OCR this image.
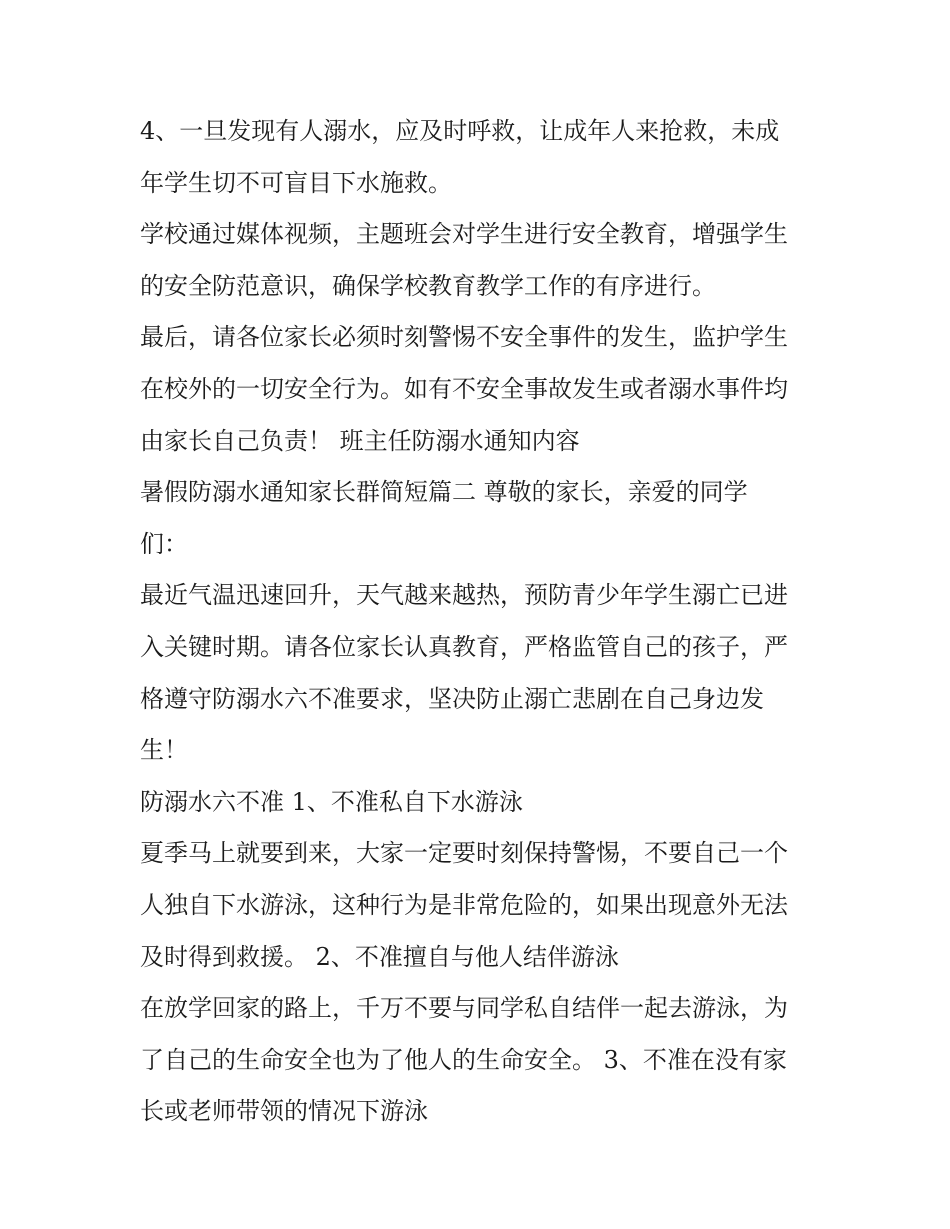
4、一旦发现有人溺水，应及时呼救，让成年人来抢救，未成
年学生切不可盲目下水施救。

学校通过媒体视频，主题班会对学生进行安全教育，增强学生
的安全防范意识，确保学校教育教学工作的有序进行。

最后，请各位家长必须时刻警惕不安全事件的发生，监护学生
在校外的一切安全行为。如有不安全事故发生或者溺水事件均
由家长自己负责！ 班主任防溺水通知内容

暑假防溺水通知家长群简短篇二 尊敬的家长，亲爱的同学
们：

最近气温迅速回升，天气越来越热，预防青少年学生溺亡已进
入关键时期。请各位家长认真教育，严格监管自己的孩子，严
格遵守防溺水六不准要求，坚决防止溺亡悲剧在自己身边发
生！

防溺水六不准 1、不准私自下水游泳

夏季马上就要到来，大家一定要时刻保持警惕，不要自己一个
人独自下水游泳，这种行为是非常危险的，如果出现意外无法
及时得到救援。 2、不准擅自与他人结伴游泳

在放学回家的路上，千万不要与同学私自结伴一起去游泳，为
了自己的生命安全也为了他人的生命安全。 3、不准在没有家
长或老师带领的情况下游泳
